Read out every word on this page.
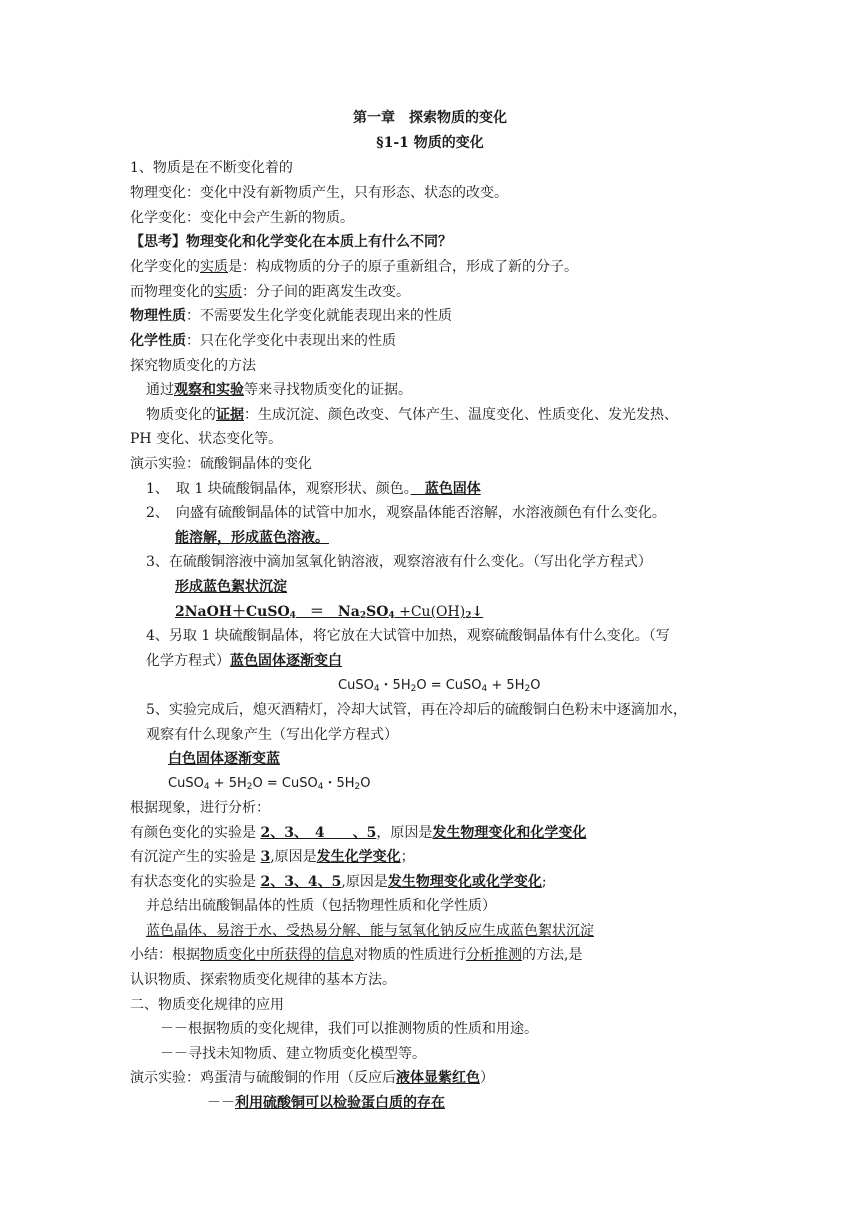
第一章　探索物质的变化
§1-1 物质的变化
1、物质是在不断变化着的
物理变化：变化中没有新物质产生，只有形态、状态的改变。
化学变化：变化中会产生新的物质。
【思考】物理变化和化学变化在本质上有什么不同？
化学变化的实质是：构成物质的分子的原子重新组合，形成了新的分子。
而物理变化的实质：分子间的距离发生改变。
物理性质：不需要发生化学变化就能表现出来的性质
化学性质：只在化学变化中表现出来的性质
探究物质变化的方法
通过观察和实验等来寻找物质变化的证据。
物质变化的证据：生成沉淀、颜色改变、气体产生、温度变化、性质变化、发光发热、
PH 变化、状态变化等。
演示实验：硫酸铜晶体的变化
1、　取 1 块硫酸铜晶体，观察形状、颜色。　蓝色固体
2、　向盛有硫酸铜晶体的试管中加水，观察晶体能否溶解，水溶液颜色有什么变化。
能溶解，形成蓝色溶液。
3、在硫酸铜溶液中滴加氢氧化钠溶液，观察溶液有什么变化。（写出化学方程式）
形成蓝色絮状沉淀
2NaOH＋CuSO$_4$　＝　$Na_2SO_4$ $+Cu(OH)_2↓$
4、另取 1 块硫酸铜晶体，将它放在大试管中加热，观察硫酸铜晶体有什么变化。（写
化学方程式）蓝色固体逐渐变白
CuSO$_4$・$5H_2O$ = CuSO$_4$ + $5H_2O$
5、实验完成后，熄灭酒精灯，冷却大试管，再在冷却后的硫酸铜白色粉末中逐滴加水，
观察有什么现象产生（写出化学方程式）
白色固体逐渐变蓝
CuSO$_4$ + $5H_2O$ = CuSO$_4$・$5H_2O$
根据现象，进行分析：
有颜色变化的实验是 2、3、　4　　、5，原因是发生物理变化和化学变化
有沉淀产生的实验是 3,原因是发生化学变化；
有状态变化的实验是 2、3、4、5,原因是发生物理变化或化学变化;
并总结出硫酸铜晶体的性质（包括物理性质和化学性质）
蓝色晶体、易溶于水、受热易分解、能与氢氧化钠反应生成蓝色絮状沉淀
小结：根据物质变化中所获得的信息对物质的性质进行分析推测的方法,是
认识物质、探索物质变化规律的基本方法。
二、物质变化规律的应用
－－根据物质的变化规律，我们可以推测物质的性质和用途。
－－寻找未知物质、建立物质变化模型等。
演示实验：鸡蛋清与硫酸铜的作用（反应后液体显紫红色）
－－利用硫酸铜可以检验蛋白质的存在
